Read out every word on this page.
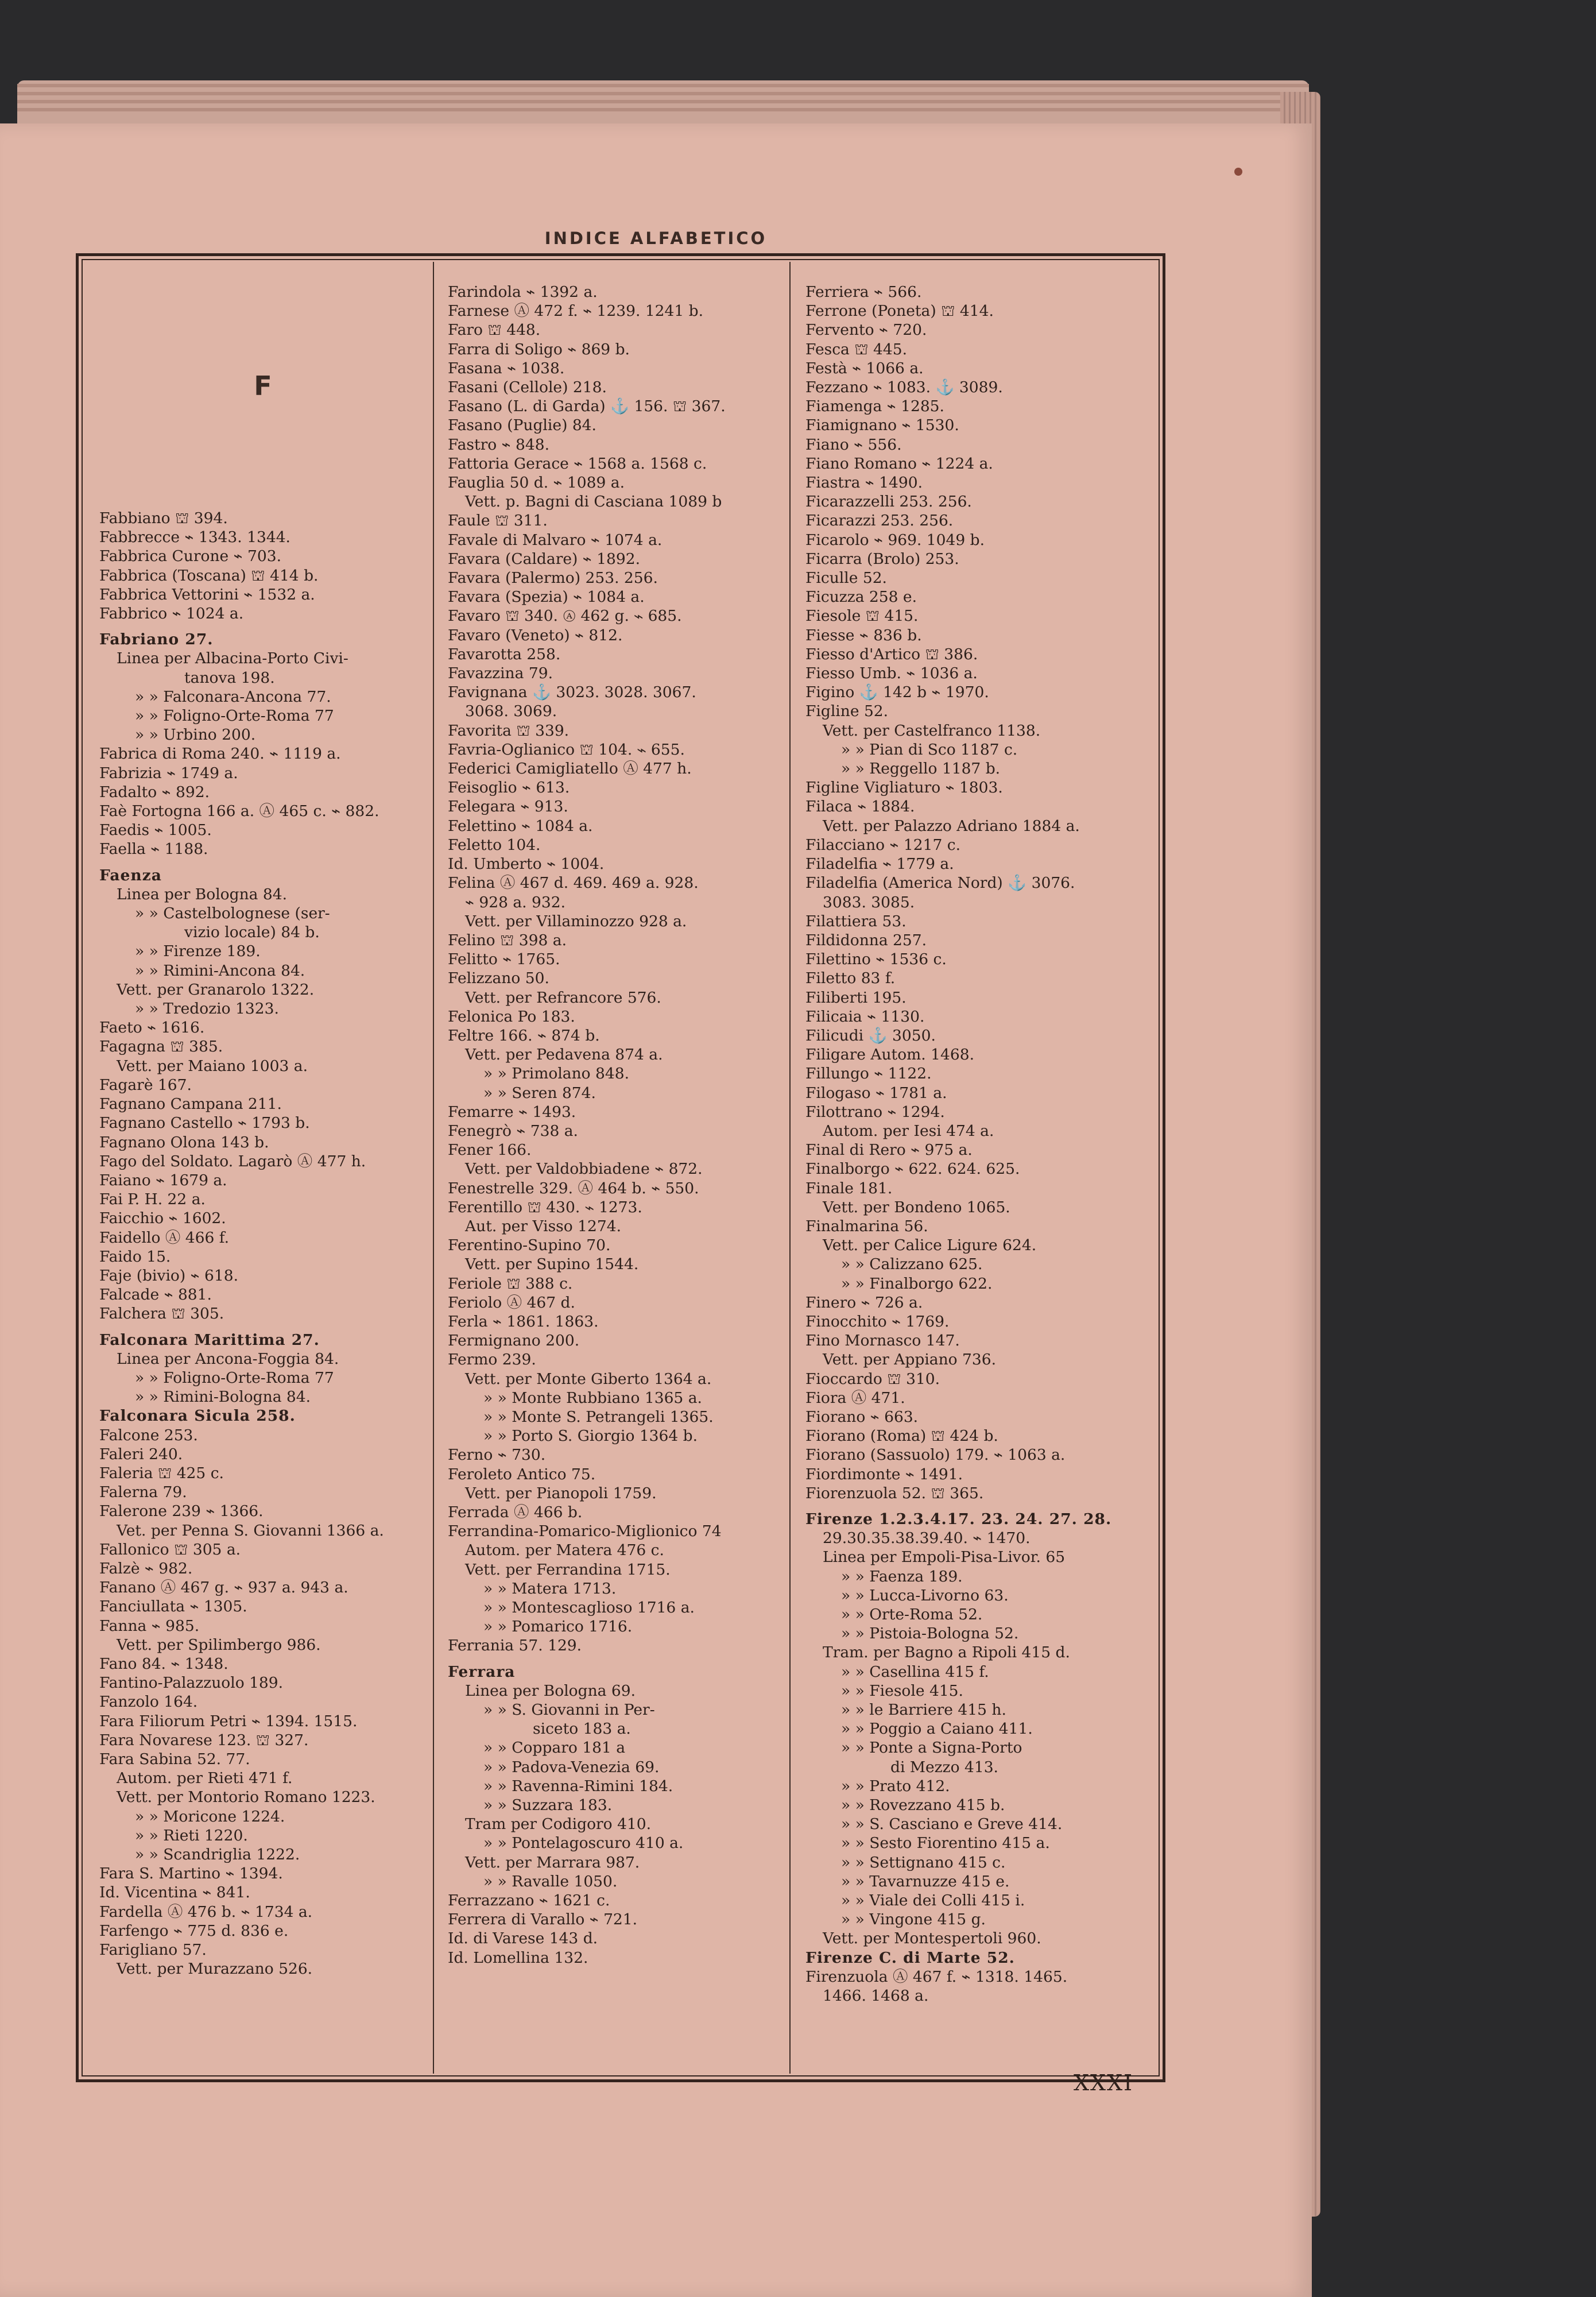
INDICE ALFABETICO
F
Fabbiano ⛫ 394.
Fabbrecce ⌁ 1343. 1344.
Fabbrica Curone ⌁ 703.
Fabbrica (Toscana) ⛫ 414 b.
Fabbrica Vettorini ⌁ 1532 a.
Fabbrico ⌁ 1024 a.
Fabriano 27.
Linea per Albacina-Porto Civi-
tanova 198.
» » Falconara-Ancona 77.
» » Foligno-Orte-Roma 77
» » Urbino 200.
Fabrica di Roma 240. ⌁ 1119 a.
Fabrizia ⌁ 1749 a.
Fadalto ⌁ 892.
Faè Fortogna 166 a. Ⓐ 465 c. ⌁ 882.
Faedis ⌁ 1005.
Faella ⌁ 1188.
Faenza
Linea per Bologna 84.
» » Castelbolognese (ser-
vizio locale) 84 b.
» » Firenze 189.
» » Rimini-Ancona 84.
Vett. per Granarolo 1322.
» » Tredozio 1323.
Faeto ⌁ 1616.
Fagagna ⛫ 385.
Vett. per Maiano 1003 a.
Fagarè 167.
Fagnano Campana 211.
Fagnano Castello ⌁ 1793 b.
Fagnano Olona 143 b.
Fago del Soldato. Lagarò Ⓐ 477 h.
Faiano ⌁ 1679 a.
Fai P. H. 22 a.
Faicchio ⌁ 1602.
Faidello Ⓐ 466 f.
Faido 15.
Faje (bivio) ⌁ 618.
Falcade ⌁ 881.
Falchera ⛫ 305.
Falconara Marittima 27.
Linea per Ancona-Foggia 84.
» » Foligno-Orte-Roma 77
» » Rimini-Bologna 84.
Falconara Sicula 258.
Falcone 253.
Faleri 240.
Faleria ⛫ 425 c.
Falerna 79.
Falerone 239 ⌁ 1366.
Vet. per Penna S. Giovanni 1366 a.
Fallonico ⛫ 305 a.
Falzè ⌁ 982.
Fanano Ⓐ 467 g. ⌁ 937 a. 943 a.
Fanciullata ⌁ 1305.
Fanna ⌁ 985.
Vett. per Spilimbergo 986.
Fano 84. ⌁ 1348.
Fantino-Palazzuolo 189.
Fanzolo 164.
Fara Filiorum Petri ⌁ 1394. 1515.
Fara Novarese 123. ⛫ 327.
Fara Sabina 52. 77.
Autom. per Rieti 471 f.
Vett. per Montorio Romano 1223.
» » Moricone 1224.
» » Rieti 1220.
» » Scandriglia 1222.
Fara S. Martino ⌁ 1394.
Id. Vicentina ⌁ 841.
Fardella Ⓐ 476 b. ⌁ 1734 a.
Farfengo ⌁ 775 d. 836 e.
Farigliano 57.
Vett. per Murazzano 526.
Farindola ⌁ 1392 a.
Farnese Ⓐ 472 f. ⌁ 1239. 1241 b.
Faro ⛫ 448.
Farra di Soligo ⌁ 869 b.
Fasana ⌁ 1038.
Fasani (Cellole) 218.
Fasano (L. di Garda) ⚓ 156. ⛫ 367.
Fasano (Puglie) 84.
Fastro ⌁ 848.
Fattoria Gerace ⌁ 1568 a. 1568 c.
Fauglia 50 d. ⌁ 1089 a.
Vett. p. Bagni di Casciana 1089 b
Faule ⛫ 311.
Favale di Malvaro ⌁ 1074 a.
Favara (Caldare) ⌁ 1892.
Favara (Palermo) 253. 256.
Favara (Spezia) ⌁ 1084 a.
Favaro ⛫ 340. Ⓐ 462 g. ⌁ 685.
Favaro (Veneto) ⌁ 812.
Favarotta 258.
Favazzina 79.
Favignana ⚓ 3023. 3028. 3067.
3068. 3069.
Favorita ⛫ 339.
Favria-Oglianico ⛫ 104. ⌁ 655.
Federici Camigliatello Ⓐ 477 h.
Feisoglio ⌁ 613.
Felegara ⌁ 913.
Felettino ⌁ 1084 a.
Feletto 104.
Id. Umberto ⌁ 1004.
Felina Ⓐ 467 d. 469. 469 a. 928.
⌁ 928 a. 932.
Vett. per Villaminozzo 928 a.
Felino ⛫ 398 a.
Felitto ⌁ 1765.
Felizzano 50.
Vett. per Refrancore 576.
Felonica Po 183.
Feltre 166. ⌁ 874 b.
Vett. per Pedavena 874 a.
» » Primolano 848.
» » Seren 874.
Femarre ⌁ 1493.
Fenegrò ⌁ 738 a.
Fener 166.
Vett. per Valdobbiadene ⌁ 872.
Fenestrelle 329. Ⓐ 464 b. ⌁ 550.
Ferentillo ⛫ 430. ⌁ 1273.
Aut. per Visso 1274.
Ferentino-Supino 70.
Vett. per Supino 1544.
Feriole ⛫ 388 c.
Feriolo Ⓐ 467 d.
Ferla ⌁ 1861. 1863.
Fermignano 200.
Fermo 239.
Vett. per Monte Giberto 1364 a.
» » Monte Rubbiano 1365 a.
» » Monte S. Petrangeli 1365.
» » Porto S. Giorgio 1364 b.
Ferno ⌁ 730.
Feroleto Antico 75.
Vett. per Pianopoli 1759.
Ferrada Ⓐ 466 b.
Ferrandina-Pomarico-Miglionico 74
Autom. per Matera 476 c.
Vett. per Ferrandina 1715.
» » Matera 1713.
» » Montescaglioso 1716 a.
» » Pomarico 1716.
Ferrania 57. 129.
Ferrara
Linea per Bologna 69.
» » S. Giovanni in Per-
siceto 183 a.
» » Copparo 181 a
» » Padova-Venezia 69.
» » Ravenna-Rimini 184.
» » Suzzara 183.
Tram per Codigoro 410.
» » Pontelagoscuro 410 a.
Vett. per Marrara 987.
» » Ravalle 1050.
Ferrazzano ⌁ 1621 c.
Ferrera di Varallo ⌁ 721.
Id. di Varese 143 d.
Id. Lomellina 132.
Ferriera ⌁ 566.
Ferrone (Poneta) ⛫ 414.
Fervento ⌁ 720.
Fesca ⛫ 445.
Festà ⌁ 1066 a.
Fezzano ⌁ 1083. ⚓ 3089.
Fiamenga ⌁ 1285.
Fiamignano ⌁ 1530.
Fiano ⌁ 556.
Fiano Romano ⌁ 1224 a.
Fiastra ⌁ 1490.
Ficarazzelli 253. 256.
Ficarazzi 253. 256.
Ficarolo ⌁ 969. 1049 b.
Ficarra (Brolo) 253.
Ficulle 52.
Ficuzza 258 e.
Fiesole ⛫ 415.
Fiesse ⌁ 836 b.
Fiesso d'Artico ⛫ 386.
Fiesso Umb. ⌁ 1036 a.
Figino ⚓ 142 b ⌁ 1970.
Figline 52.
Vett. per Castelfranco 1138.
» » Pian di Sco 1187 c.
» » Reggello 1187 b.
Figline Vigliaturo ⌁ 1803.
Filaca ⌁ 1884.
Vett. per Palazzo Adriano 1884 a.
Filacciano ⌁ 1217 c.
Filadelfia ⌁ 1779 a.
Filadelfia (America Nord) ⚓ 3076.
3083. 3085.
Filattiera 53.
Fildidonna 257.
Filettino ⌁ 1536 c.
Filetto 83 f.
Filiberti 195.
Filicaia ⌁ 1130.
Filicudi ⚓ 3050.
Filigare Autom. 1468.
Fillungo ⌁ 1122.
Filogaso ⌁ 1781 a.
Filottrano ⌁ 1294.
Autom. per Iesi 474 a.
Final di Rero ⌁ 975 a.
Finalborgo ⌁ 622. 624. 625.
Finale 181.
Vett. per Bondeno 1065.
Finalmarina 56.
Vett. per Calice Ligure 624.
» » Calizzano 625.
» » Finalborgo 622.
Finero ⌁ 726 a.
Finocchito ⌁ 1769.
Fino Mornasco 147.
Vett. per Appiano 736.
Fioccardo ⛫ 310.
Fiora Ⓐ 471.
Fiorano ⌁ 663.
Fiorano (Roma) ⛫ 424 b.
Fiorano (Sassuolo) 179. ⌁ 1063 a.
Fiordimonte ⌁ 1491.
Fiorenzuola 52. ⛫ 365.
Firenze 1.2.3.4.17. 23. 24. 27. 28.
29.30.35.38.39.40. ⌁ 1470.
Linea per Empoli-Pisa-Livor. 65
» » Faenza 189.
» » Lucca-Livorno 63.
» » Orte-Roma 52.
» » Pistoia-Bologna 52.
Tram. per Bagno a Ripoli 415 d.
» » Casellina 415 f.
» » Fiesole 415.
» » le Barriere 415 h.
» » Poggio a Caiano 411.
» » Ponte a Signa-Porto
di Mezzo 413.
» » Prato 412.
» » Rovezzano 415 b.
» » S. Casciano e Greve 414.
» » Sesto Fiorentino 415 a.
» » Settignano 415 c.
» » Tavarnuzze 415 e.
» » Viale dei Colli 415 i.
» » Vingone 415 g.
Vett. per Montespertoli 960.
Firenze C. di Marte 52.
Firenzuola Ⓐ 467 f. ⌁ 1318. 1465.
1466. 1468 a.
XXXI
